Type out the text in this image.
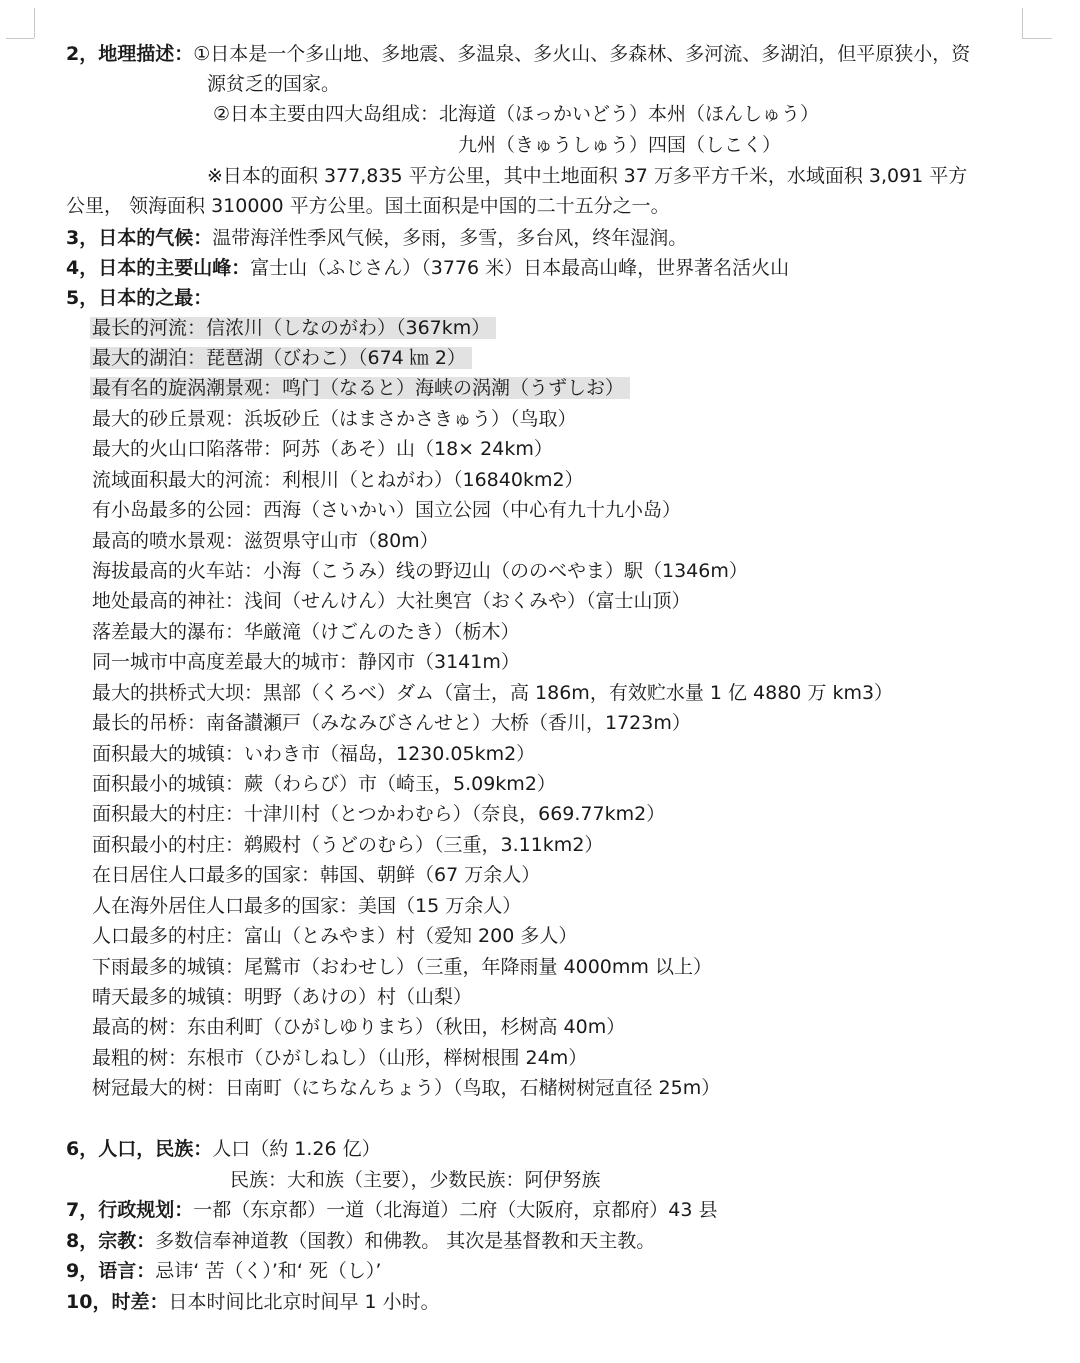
2，地理描述：①日本是一个多山地、多地震、多温泉、多火山、多森林、多河流、多湖泊，但平原狭小，资
源贫乏的国家。
②日本主要由四大岛组成：北海道（ほっかいどう）本州（ほんしゅう）
九州（きゅうしゅう）四国（しこく）
※日本的面积 377,835 平方公里，其中土地面积 37 万多平方千米，水域面积 3,091 平方
公里， 领海面积 310000 平方公里。国土面积是中国的二十五分之一。
3，日本的气候：温带海洋性季风气候，多雨，多雪，多台风，终年湿润。
4，日本的主要山峰：富士山（ふじさん）（3776 米）日本最高山峰，世界著名活火山
5，日本的之最：
最长的河流：信浓川（しなのがわ）（367km）
最大的湖泊：琵琶湖（びわこ）（674 ㎞ 2）
最有名的旋涡潮景观：鸣门（なると）海峡の涡潮（うずしお）
最大的砂丘景观：浜坂砂丘（はまさかさきゅう）（鸟取）
最大的火山口陷落带：阿苏（あそ）山（18× 24km）
流域面积最大的河流：利根川（とねがわ）（16840km2）
有小岛最多的公园：西海（さいかい）国立公园（中心有九十九小岛）
最高的喷水景观：滋贺県守山市（80m）
海拔最高的火车站：小海（こうみ）线の野辺山（ののべやま）駅（1346m）
地处最高的神社：浅间（せんけん）大社奥宫（おくみや）（富士山顶）
落差最大的瀑布：华厳滝（けごんのたき）（栃木）
同一城市中高度差最大的城市：静冈市（3141m）
最大的拱桥式大坝：黒部（くろべ）ダム（富士，高 186m，有效贮水量 1 亿 4880 万 km3）
最长的吊桥：南备讃瀬戸（みなみびさんせと）大桥（香川，1723m）
面积最大的城镇：いわき市（福岛，1230.05km2）
面积最小的城镇：蕨（わらび）市（崎玉，5.09km2）
面积最大的村庄：十津川村（とつかわむら）（奈良，669.77km2）
面积最小的村庄：鹈殿村（うどのむら）（三重，3.11km2）
在日居住人口最多的国家：韩国、朝鲜（67 万余人）
人在海外居住人口最多的国家：美国（15 万余人）
人口最多的村庄：富山（とみやま）村（爱知 200 多人）
下雨最多的城镇：尾鷲市（おわせし）（三重，年降雨量 4000mm 以上）
晴天最多的城镇：明野（あけの）村（山梨）
最高的树：东由利町（ひがしゆりまち）（秋田，杉树高 40m）
最粗的树：东根市（ひがしねし）（山形，榉树根围 24m）
树冠最大的树：日南町（にちなんちょう）（鸟取，石槠树树冠直径 25m）
6，人口，民族：人口（約 1.26 亿）
民族：大和族（主要），少数民族：阿伊努族
7，行政规划：一都（东京都）一道（北海道）二府（大阪府，京都府）43 县
8，宗教：多数信奉神道教（国教）和佛教。 其次是基督教和天主教。
9，语言：忌讳‘ 苦（く）’和‘ 死（し）’
10，时差：日本时间比北京时间早 1 小时。
